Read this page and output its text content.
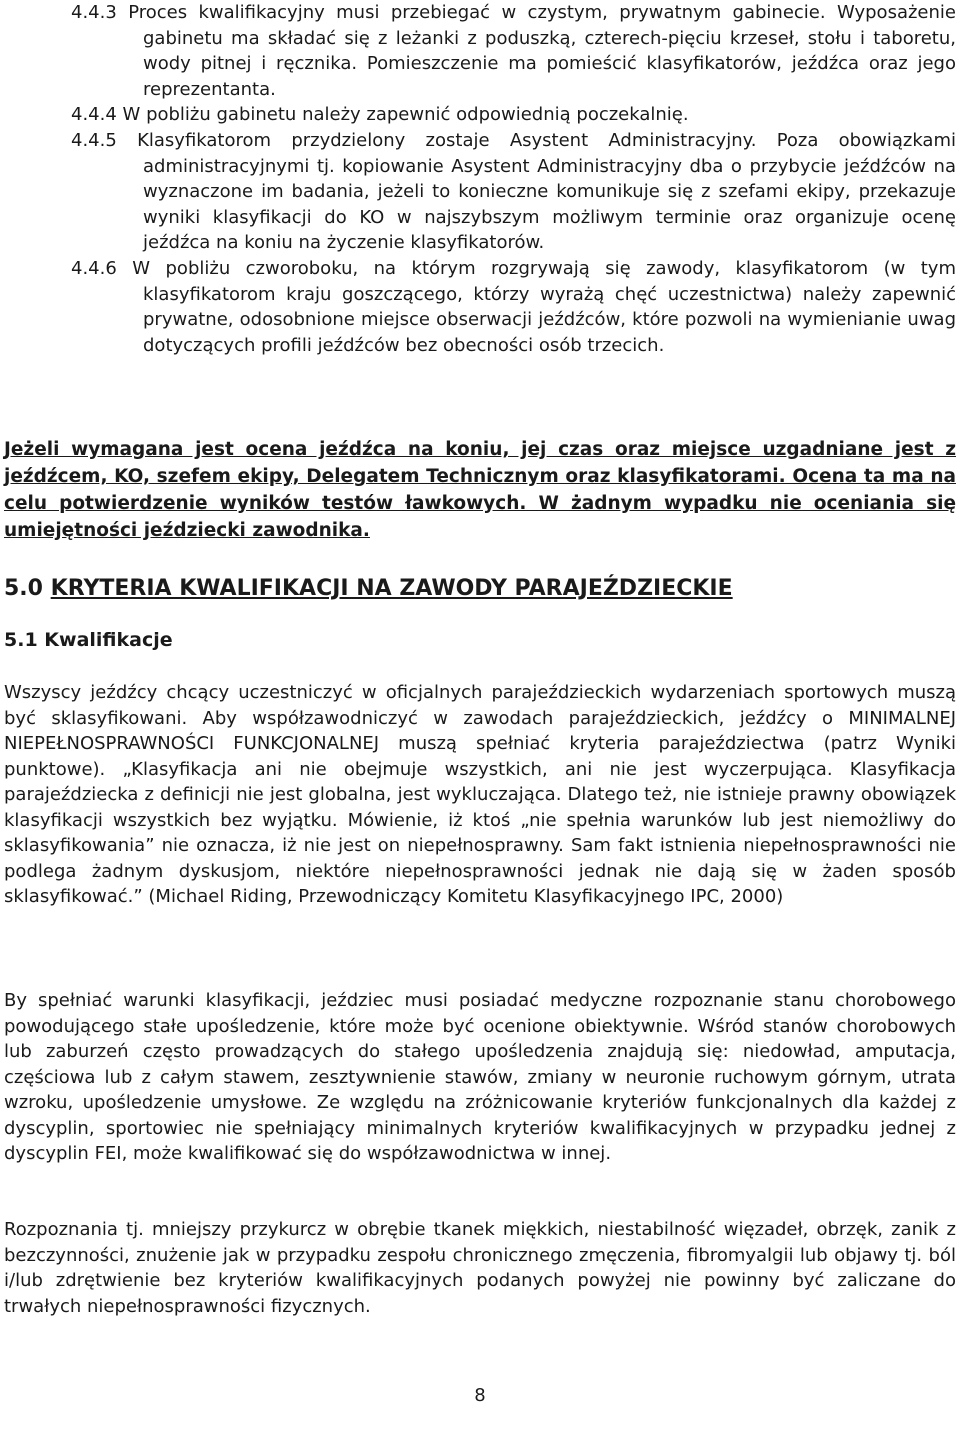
4.4.3 Proces kwalifikacyjny musi przebiegać w czystym, prywatnym gabinecie. Wyposażenie gabinetu ma składać się z leżanki z poduszką, czterech-pięciu krzeseł, stołu i taboretu, wody pitnej i ręcznika. Pomieszczenie ma pomieścić klasyfikatorów, jeźdźca oraz jego reprezentanta.
4.4.4 W pobliżu gabinetu należy zapewnić odpowiednią poczekalnię.
4.4.5 Klasyfikatorom przydzielony zostaje Asystent Administracyjny. Poza obowiązkami administracyjnymi tj. kopiowanie Asystent Administracyjny dba o przybycie jeźdźców na wyznaczone im badania, jeżeli to konieczne komunikuje się z szefami ekipy, przekazuje wyniki klasyfikacji do KO w najszybszym możliwym terminie oraz organizuje ocenę jeźdźca na koniu na życzenie klasyfikatorów.
4.4.6 W pobliżu czworoboku, na którym rozgrywają się zawody, klasyfikatorom (w tym klasyfikatorom kraju goszczącego, którzy wyrażą chęć uczestnictwa) należy zapewnić prywatne, odosobnione miejsce obserwacji jeźdźców, które pozwoli na wymienianie uwag dotyczących profili jeźdźców bez obecności osób trzecich.
Jeżeli wymagana jest ocena jeźdźca na koniu, jej czas oraz miejsce uzgadniane jest z jeźdźcem, KO, szefem ekipy, Delegatem Technicznym oraz klasyfikatorami. Ocena ta ma na celu potwierdzenie wyników testów ławkowych. W żadnym wypadku nie oceniania się umiejętności jeździecki zawodnika.
5.0 KRYTERIA KWALIFIKACJI NA ZAWODY PARAJEŹDZIECKIE
5.1 Kwalifikacje
Wszyscy jeźdźcy chcący uczestniczyć w oficjalnych parajeździeckich wydarzeniach sportowych muszą być sklasyfikowani. Aby współzawodniczyć w zawodach parajeździeckich, jeźdźcy o MINIMALNEJ NIEPEŁNOSPRAWNOŚCI FUNKCJONALNEJ muszą spełniać kryteria parajeździectwa (patrz Wyniki punktowe). „Klasyfikacja ani nie obejmuje wszystkich, ani nie jest wyczerpująca. Klasyfikacja parajeździecka z definicji nie jest globalna, jest wykluczająca. Dlatego też, nie istnieje prawny obowiązek klasyfikacji wszystkich bez wyjątku. Mówienie, iż ktoś „nie spełnia warunków lub jest niemożliwy do sklasyfikowania” nie oznacza, iż nie jest on niepełnosprawny. Sam fakt istnienia niepełnosprawności nie podlega żadnym dyskusjom, niektóre niepełnosprawności jednak nie dają się w żaden sposób sklasyfikować.” (Michael Riding, Przewodniczący Komitetu Klasyfikacyjnego IPC, 2000)
By spełniać warunki klasyfikacji, jeździec musi posiadać medyczne rozpoznanie stanu chorobowego powodującego stałe upośledzenie, które może być ocenione obiektywnie. Wśród stanów chorobowych lub zaburzeń często prowadzących do stałego upośledzenia znajdują się: niedowład, amputacja, częściowa lub z całym stawem, zesztywnienie stawów, zmiany w neuronie ruchowym górnym, utrata wzroku, upośledzenie umysłowe. Ze względu na zróżnicowanie kryteriów funkcjonalnych dla każdej z dyscyplin, sportowiec nie spełniający minimalnych kryteriów kwalifikacyjnych w przypadku jednej z dyscyplin FEI, może kwalifikować się do współzawodnictwa w innej.
Rozpoznania tj. mniejszy przykurcz w obrębie tkanek miękkich, niestabilność więzadeł, obrzęk, zanik z bezczynności, znużenie jak w przypadku zespołu chronicznego zmęczenia, fibromyalgii lub objawy tj. ból i/lub zdrętwienie bez kryteriów kwalifikacyjnych podanych powyżej nie powinny być zaliczane do trwałych niepełnosprawności fizycznych.
8
